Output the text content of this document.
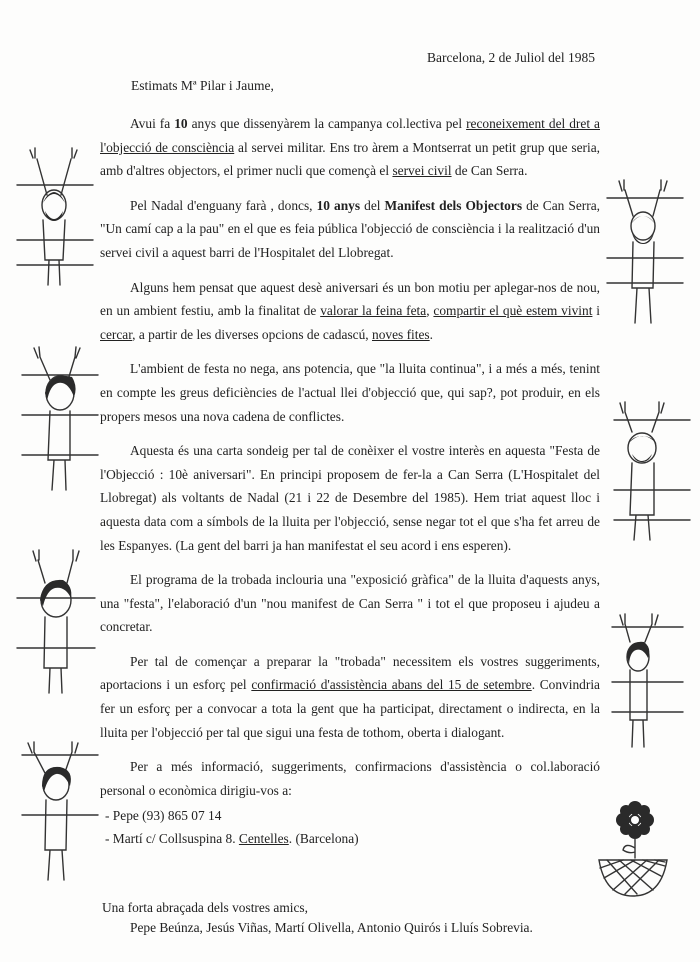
Barcelona, 2 de Juliol del 1985
Estimats Mª Pilar i Jaume,

Avui fa 10 anys que dissenyàrem la campanya col.lectiva pel reconeixement del dret a l'objecció de consciència al servei militar. Ens tro àrem a Montserrat un petit grup que seria, amb d'altres objectors, el primer nucli que començà el servei civil de Can Serra.

Pel Nadal d'enguany farà , doncs, 10 anys del Manifest dels Objectors de Can Serra, "Un camí cap a la pau" en el que es feia pública l'objecció de consciència i la realització d'un servei civil a aquest barri de l'Hospitalet del Llobregat.

Alguns hem pensat que aquest desè aniversari és un bon motiu per aplegar-nos de nou, en un ambient festiu, amb la finalitat de valorar la feina feta, compartir el què estem vivint i cercar, a partir de les diverses opcions de cadascú, noves fites.

L'ambient de festa no nega, ans potencia, que "la lluita continua", i a més a més, tenint en compte les greus deficiències de l'actual llei d'objecció que, qui sap?, pot produir, en els propers mesos una nova cadena de conflictes.

Aquesta és una carta sondeig per tal de conèixer el vostre interès en aquesta "Festa de l'Objecció : 10è aniversari". En principi proposem de fer-la a Can Serra (L'Hospitalet del Llobregat) als voltants de Nadal (21 i 22 de Desembre del 1985). Hem triat aquest lloc i aquesta data com a símbols de la lluita per l'objecció, sense negar tot el que s'ha fet arreu de les Espanyes. (La gent del barri ja han manifestat el seu acord i ens esperen).

El programa de la trobada inclouria una "exposició gràfica" de la lluita d'aquests anys, una "festa", l'elaboració d'un "nou manifest de Can Serra " i tot el que proposeu i ajudeu a concretar.

Per tal de començar a preparar la "trobada" necessitem els vostres suggeriments, aportacions i un esforç pel confirmació d'assistència abans del 15 de setembre. Convindria fer un esforç per a convocar a tota la gent que ha participat, directament o indirecta, en la lluita per l'objecció per tal que sigui una festa de tothom, oberta i dialogant.

Per a més informació, suggeriments, confirmacions d'assistència o col.laboració personal o econòmica dirigiu-vos a:

- Pepe (93) 865 07 14
- Martí c/ Collsuspina 8. Centelles. (Barcelona)
Una forta abraçada dels vostres amics,
Pepe Beúnza, Jesús Viñas, Martí Olivella, Antonio Quirós i Lluís Sobrevia.
